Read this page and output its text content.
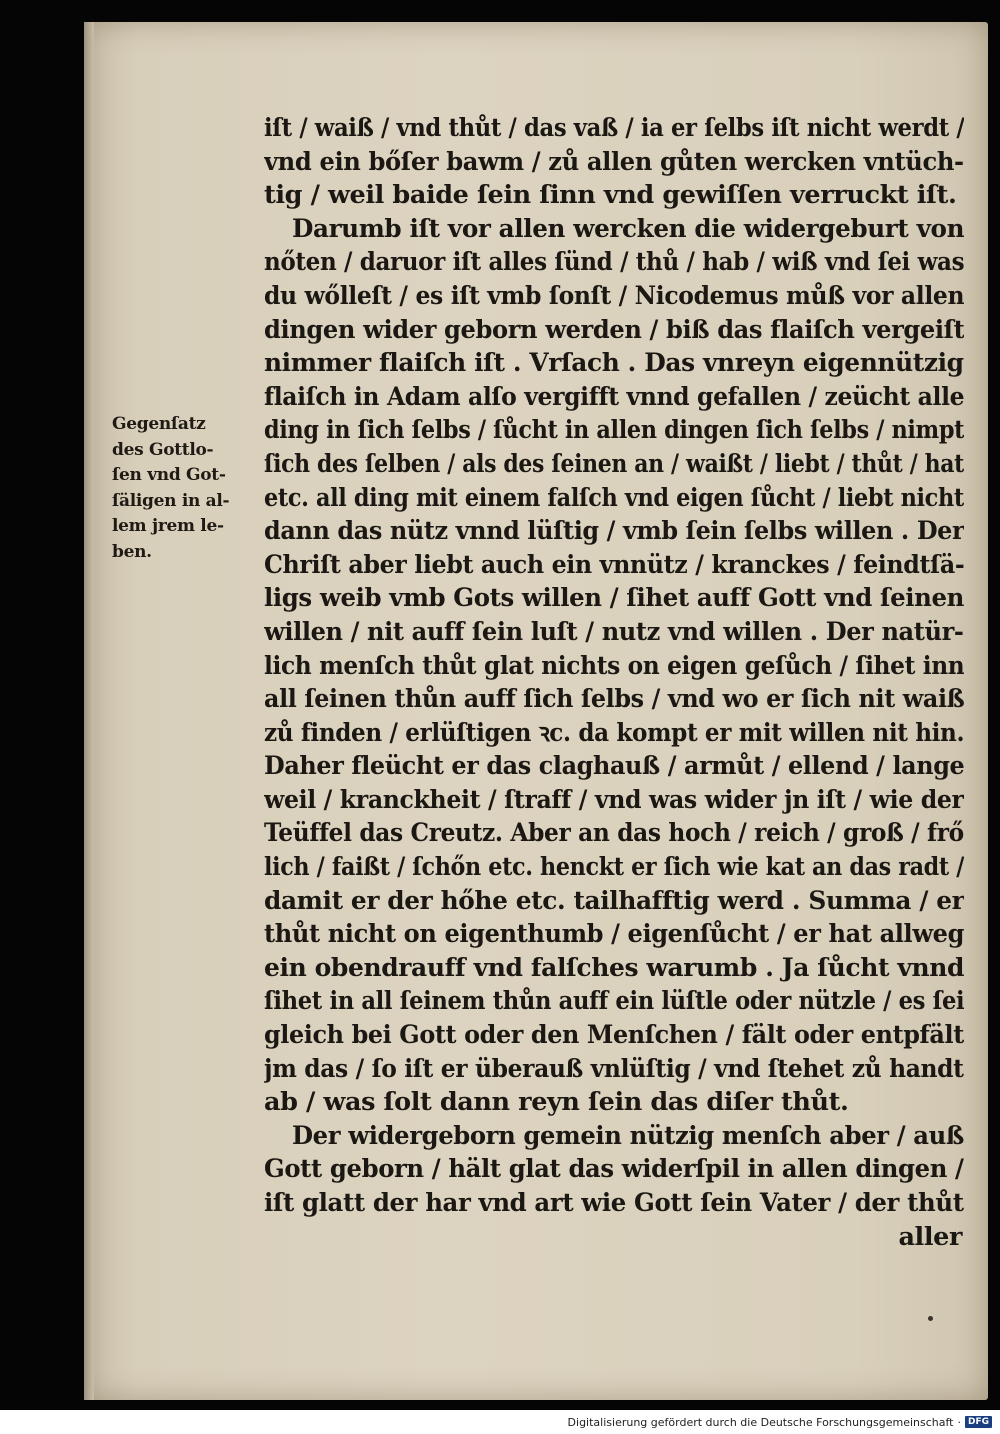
Gegenſatz
des Gottlo-
ſen vnd Got-
ſäligen in al-
lem jrem le-
ben.
iſt / waiß / vnd thůt / das vaß / ia er ſelbs iſt nicht werdt /
vnd ein bőſer bawm / zů allen gůten wercken vntüch-
tig / weil baide ſein ſinn vnd gewiſſen verruckt iſt.
Darumb iſt vor allen wercken die widergeburt von
nőten / daruor iſt alles ſünd / thů / hab / wiß vnd ſei was
du wőlleſt / es iſt vmb ſonſt / Nicodemus můß vor allen
dingen wider geborn werden / biß das flaiſch vergeiſt
nimmer flaiſch iſt . Vrſach . Das vnreyn eigennützig
flaiſch in Adam alſo vergifft vnnd gefallen / zeücht alle
ding in ſich ſelbs / ſůcht in allen dingen ſich ſelbs / nimpt
ſich des ſelben / als des ſeinen an / waißt / liebt / thůt / hat
etc. all ding mit einem falſch vnd eigen ſůcht / liebt nicht
dann das nütz vnnd lüſtig / vmb ſein ſelbs willen . Der
Chriſt aber liebt auch ein vnnütz / kranckes / feindtſä-
ligs weib vmb Gots willen / ſihet auff Gott vnd ſeinen
willen / nit auff ſein luſt / nutz vnd willen . Der natür-
lich menſch thůt glat nichts on eigen geſůch / ſihet inn
all ſeinen thůn auff ſich ſelbs / vnd wo er ſich nit waiß
zů finden / erlüſtigen ꝛc. da kompt er mit willen nit hin.
Daher fleücht er das claghauß / armůt / ellend / lange
weil / kranckheit / ſtraff / vnd was wider jn iſt / wie der
Teüffel das Creutz. Aber an das hoch / reich / groß / frő
lich / faißt / ſchőn etc. henckt er ſich wie kat an das radt /
damit er der hőhe etc. tailhafftig werd . Summa / er
thůt nicht on eigenthumb / eigenſůcht / er hat allweg
ein obendrauff vnd falſches warumb . Ja ſůcht vnnd
ſihet in all ſeinem thůn auff ein lüſtle oder nützle / es ſei
gleich bei Gott oder den Menſchen / fält oder entpfält
jm das / ſo iſt er überauß vnlüſtig / vnd ſtehet zů handt
ab / was ſolt dann reyn ſein das diſer thůt.
Der widergeborn gemein nützig menſch aber / auß
Gott geborn / hält glat das widerſpil in allen dingen /
iſt glatt der har vnd art wie Gott ſein Vater / der thůt
aller
Digitalisierung gefördert durch die Deutsche Forschungsgemeinschaft · DFG
